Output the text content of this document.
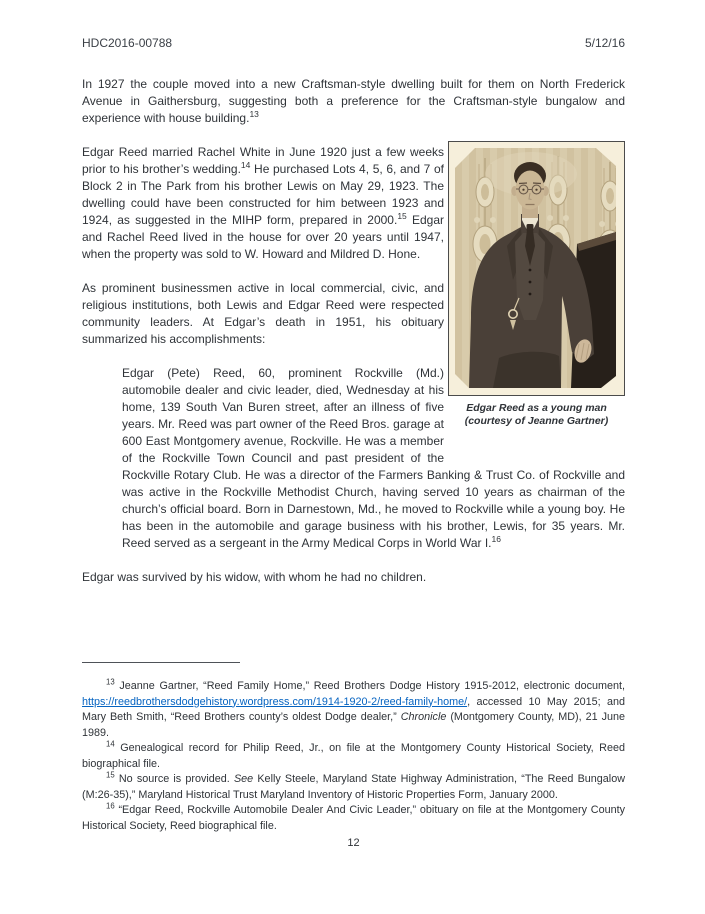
HDC2016-00788	5/12/16

In 1927 the couple moved into a new Craftsman-style dwelling built for them on North Frederick Avenue in Gaithersburg, suggesting both a preference for the Craftsman-style bungalow and experience with house building.$^{13}$

Edgar Reed as a young man
(courtesy of Jeanne Gartner)

Edgar Reed married Rachel White in June 1920 just a few weeks prior to his brother’s wedding.$^{14}$ He purchased Lots 4, 5, 6, and 7 of Block 2 in The Park from his brother Lewis on May 29, 1923. The dwelling could have been constructed for him between 1923 and 1924, as suggested in the MIHP form, prepared in 2000.15 Edgar and Rachel Reed lived in the house for over 20 years until 1947, when the property was sold to W. Howard and Mildred D. Hone.

As prominent businessmen active in local commercial, civic, and religious institutions, both Lewis and Edgar Reed were respected community leaders. At Edgar’s death in 1951, his obituary summarized his accomplishments:

Edgar (Pete) Reed, 60, prominent Rockville (Md.) automobile dealer and civic leader, died, Wednesday at his home, 139 South Van Buren street, after an illness of five years. Mr. Reed was part owner of the Reed Bros. garage at 600 East Montgomery avenue, Rockville. He was a member of the Rockville Town Council and past president of the Rockville Rotary Club. He was a director of the Farmers Banking & Trust Co. of Rockville and was active in the Rockville Methodist Church, having served 10 years as chairman of the church’s official board. Born in Darnestown, Md., he moved to Rockville while a young boy. He has been in the automobile and garage business with his brother, Lewis, for 35 years. Mr. Reed served as a sergeant in the Army Medical Corps in World War I.$^{16}$

Edgar was survived by his widow, with whom he had no children.

$^{13}$ Jeanne Gartner, “Reed Family Home,” Reed Brothers Dodge History 1915-2012, electronic document, https://reedbrothersdodgehistory.wordpress.com/1914-1920-2/reed-family-home/, accessed 10 May 2015; and Mary Beth Smith, “Reed Brothers county’s oldest Dodge dealer,” Chronicle (Montgomery County, MD), 21 June 1989.

$^{14}$ Genealogical record for Philip Reed, Jr., on file at the Montgomery County Historical Society, Reed biographical file.

$^{15}$ No source is provided. See Kelly Steele, Maryland State Highway Administration, “The Reed Bungalow (M:26-35),” Maryland Historical Trust Maryland Inventory of Historic Properties Form, January 2000.

$^{16}$ “Edgar Reed, Rockville Automobile Dealer And Civic Leader,” obituary on file at the Montgomery County Historical Society, Reed biographical file.

12
